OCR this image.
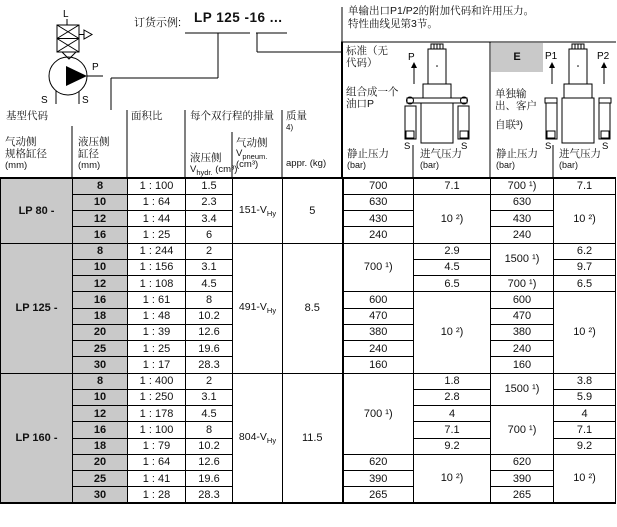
L
P
S	S
P
S	S
P1	P2
S	S
订货示例: LP 125 -16 ...	单输出口P1/P2的附加代码和许用压力。
特性曲线见第3节。
标准（无
代码）
组合成一个
油口P
E
单独输
出、客户
自联³)
静止压力
(bar)
进气压力
(bar)
静止压力
(bar)
进气压力
(bar)
基型代码
气动侧
规格缸径
(mm)
液压侧
缸径
(mm)
面积比	每个双行程的排量
液压侧
$V_{hydr.}$ (cm³)
气动侧
$V_{pneum.}$
(cm³)
质量
4)
appr. (kg)
LP 80 -	8	1 : 100	1.5	$151-V_{Hy}$	5	700	7.1	700 ¹)	7.1
	10	1 : 64	2.3			630	10 ²)	630	10 ²)
	12	1 : 44	3.4			430		430	
	16	1 : 25	6			240		240	
LP 125 -	8	1 : 244	2	$491-V_{Hy}$	8.5	700 ¹)	2.9	1500 ¹)	6.2
	10	1 : 156	3.1				4.5		9.7
	12	1 : 108	4.5				6.5	700 ¹)	6.5
	16	1 : 61	8			600	10 ²)	600	10 ²)
	18	1 : 48	10.2			470		470	
	20	1 : 39	12.6			380		380	
	25	1 : 25	19.6			240		240	
	30	1 : 17	28.3			160		160	
LP 160 -	8	1 : 400	2	$804-V_{Hy}$	11.5	700 ¹)	1.8	1500 ¹)	3.8
	10	1 : 250	3.1				2.8		5.9
	12	1 : 178	4.5				4	700 ¹)	4
	16	1 : 100	8				7.1		7.1
	18	1 : 79	10.2				9.2		9.2
	20	1 : 64	12.6			620	10 ²)	620	10 ²)
	25	1 : 41	19.6			390		390	
	30	1 : 28	28.3			265		265	
